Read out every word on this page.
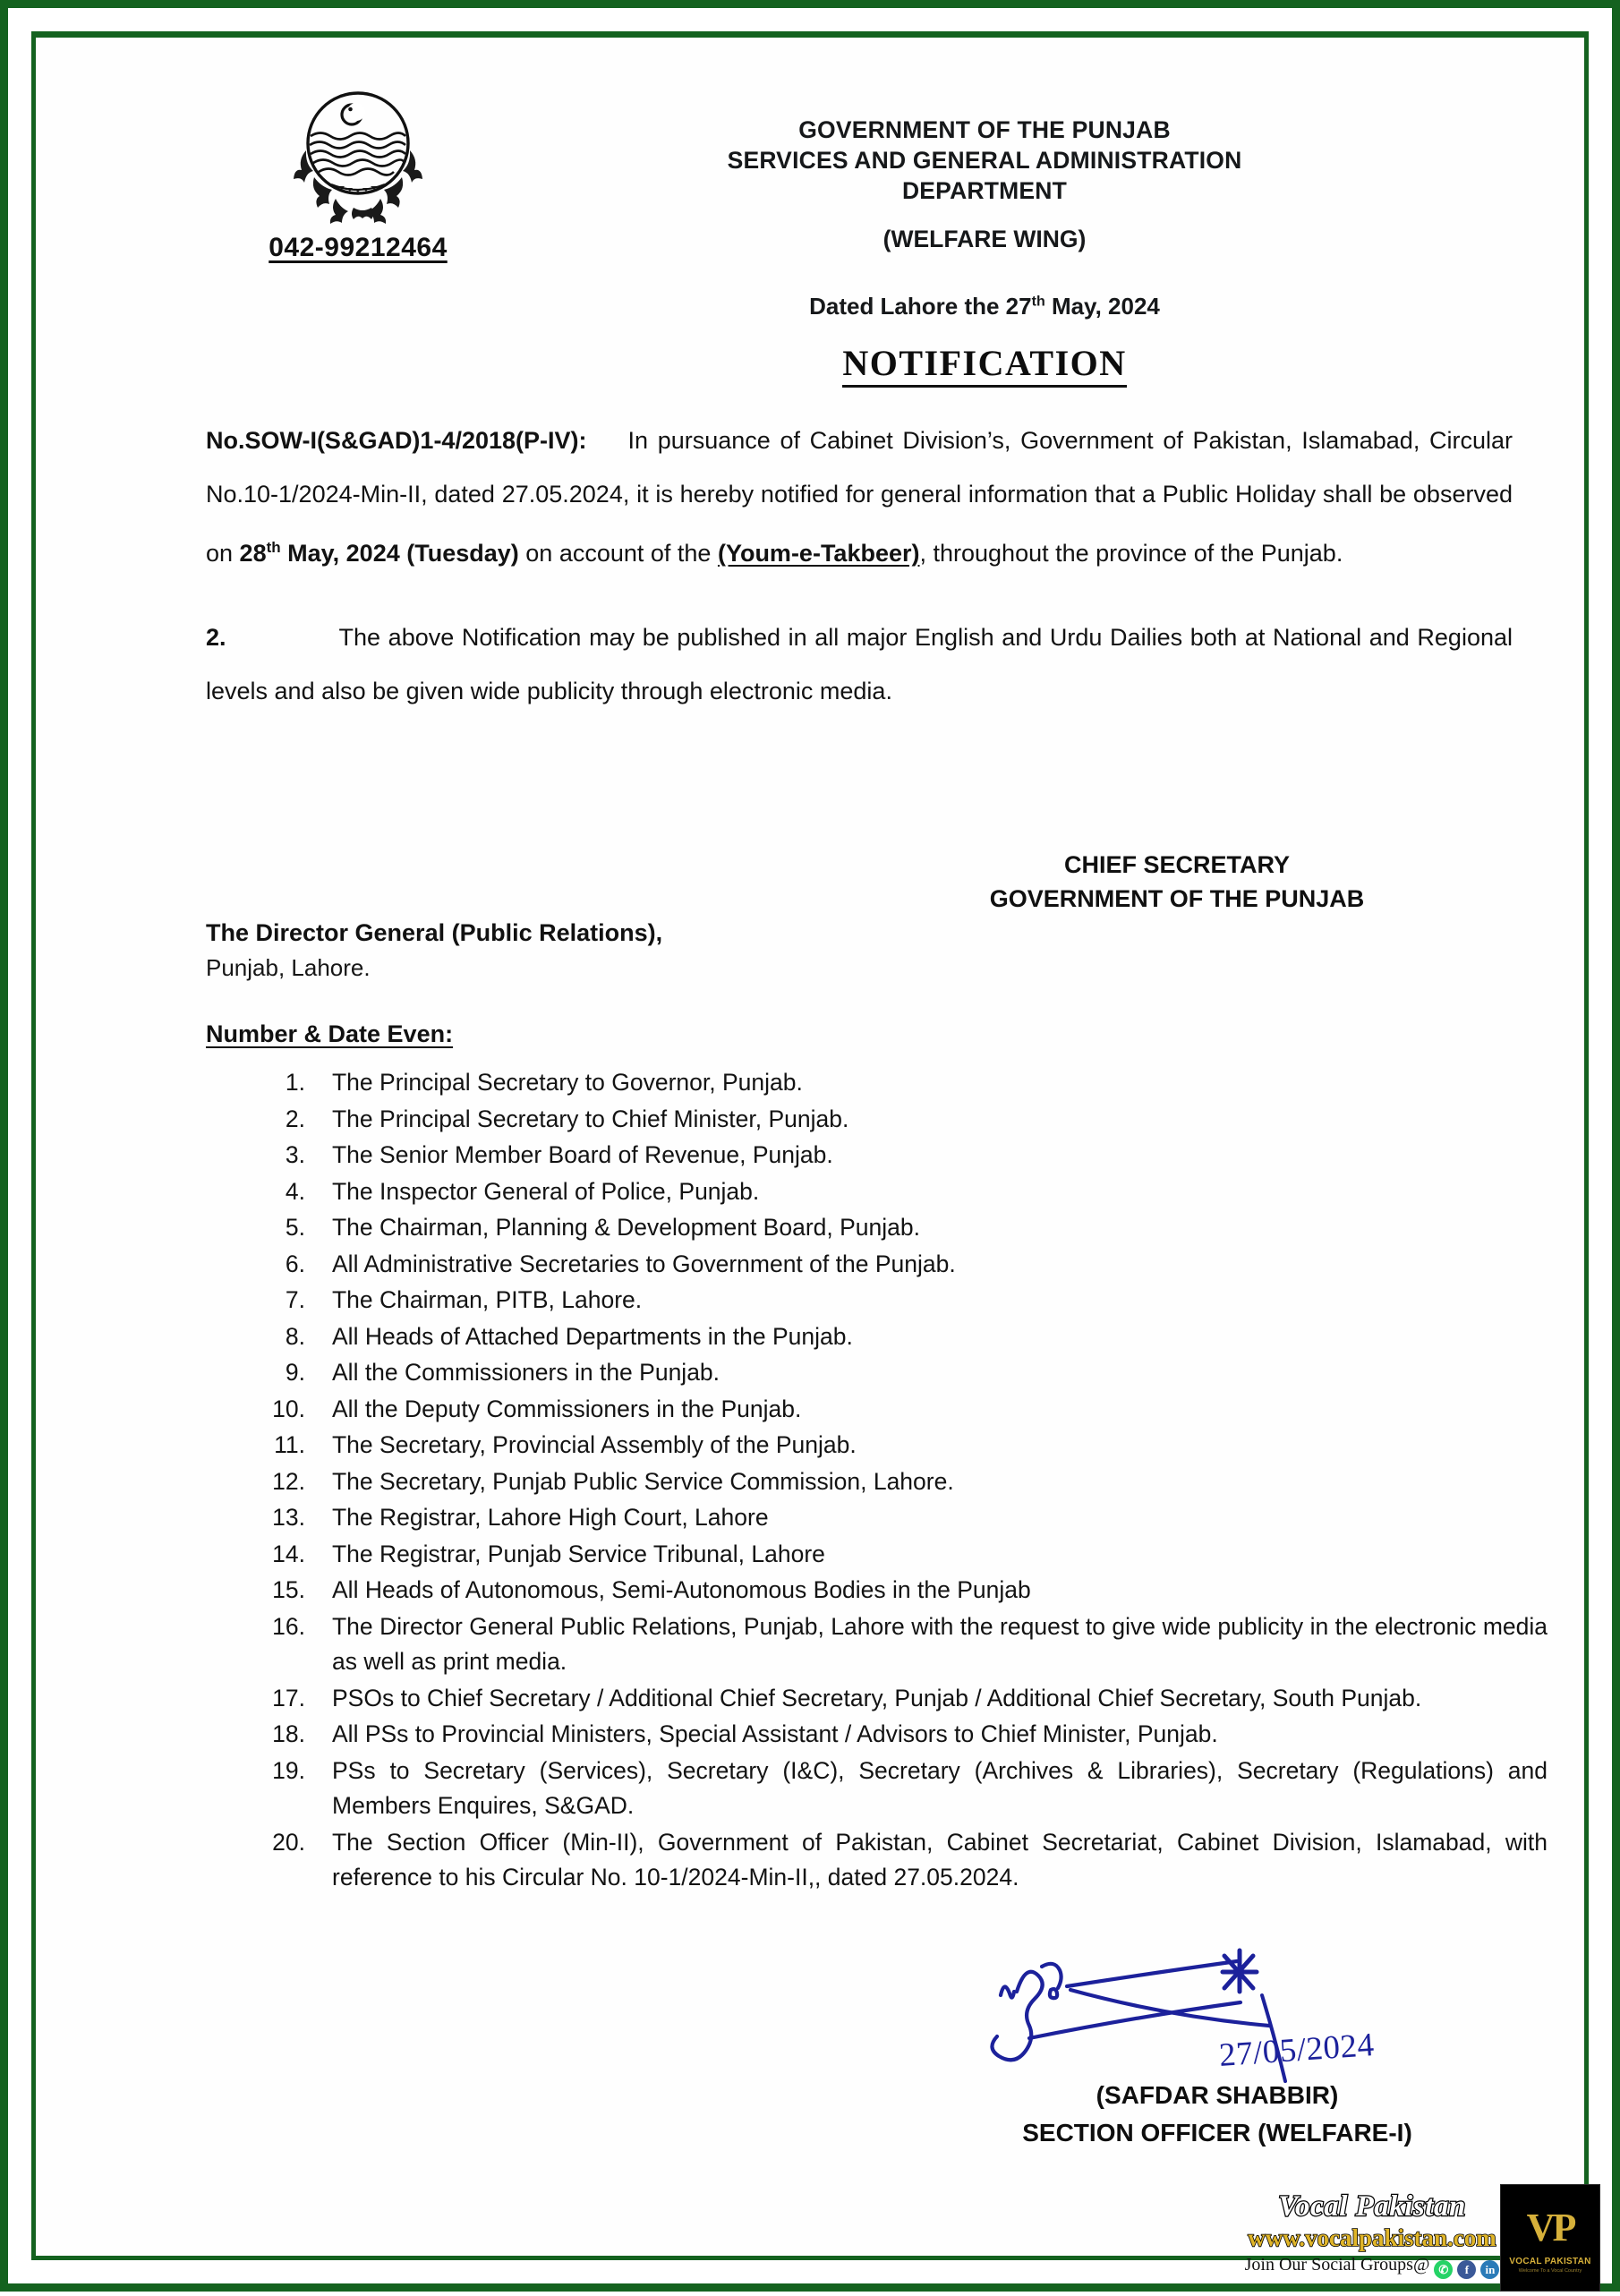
042-99212464
GOVERNMENT OF THE PUNJAB
SERVICES AND GENERAL ADMINISTRATION
DEPARTMENT
(WELFARE WING)
Dated Lahore the 27th May, 2024
NOTIFICATION

No.SOW-I(S&GAD)1-4/2018(P-IV): In pursuance of Cabinet Division’s, Government of Pakistan, Islamabad, Circular No.10-1/2024-Min-II, dated 27.05.2024, it is hereby notified for general information that a Public Holiday shall be observed on 28th May, 2024 (Tuesday) on account of the (Youm-e-Takbeer), throughout the province of the Punjab.

2.	The above Notification may be published in all major English and Urdu Dailies both at National and Regional levels and also be given wide publicity through electronic media.

CHIEF SECRETARY
GOVERNMENT OF THE PUNJAB
The Director General (Public Relations),
Punjab, Lahore.
Number & Date Even:
1. The Principal Secretary to Governor, Punjab.
2. The Principal Secretary to Chief Minister, Punjab.
3. The Senior Member Board of Revenue, Punjab.
4. The Inspector General of Police, Punjab.
5. The Chairman, Planning & Development Board, Punjab.
6. All Administrative Secretaries to Government of the Punjab.
7. The Chairman, PITB, Lahore.
8. All Heads of Attached Departments in the Punjab.
9. All the Commissioners in the Punjab.
10. All the Deputy Commissioners in the Punjab.
11. The Secretary, Provincial Assembly of the Punjab.
12. The Secretary, Punjab Public Service Commission, Lahore.
13. The Registrar, Lahore High Court, Lahore
14. The Registrar, Punjab Service Tribunal, Lahore
15. All Heads of Autonomous, Semi-Autonomous Bodies in the Punjab
16. The Director General Public Relations, Punjab, Lahore with the request to give wide publicity in the electronic media as well as print media.
17. PSOs to Chief Secretary / Additional Chief Secretary, Punjab / Additional Chief Secretary, South Punjab.
18. All PSs to Provincial Ministers, Special Assistant / Advisors to Chief Minister, Punjab.
19. PSs to Secretary (Services), Secretary (I&C), Secretary (Archives & Libraries), Secretary (Regulations) and Members Enquires, S&GAD.
20. The Section Officer (Min-II), Government of Pakistan, Cabinet Secretariat, Cabinet Division, Islamabad, with reference to his Circular No. 10-1/2024-Min-II,, dated 27.05.2024.
27/05/2024
(SAFDAR SHABBIR)
SECTION OFFICER (WELFARE-I)
Vocal Pakistan
www.vocalpakistan.com
Join Our Social Groups@ ✆ f in
VP
VOCAL PAKISTAN
Welcome To a Vocal Country
